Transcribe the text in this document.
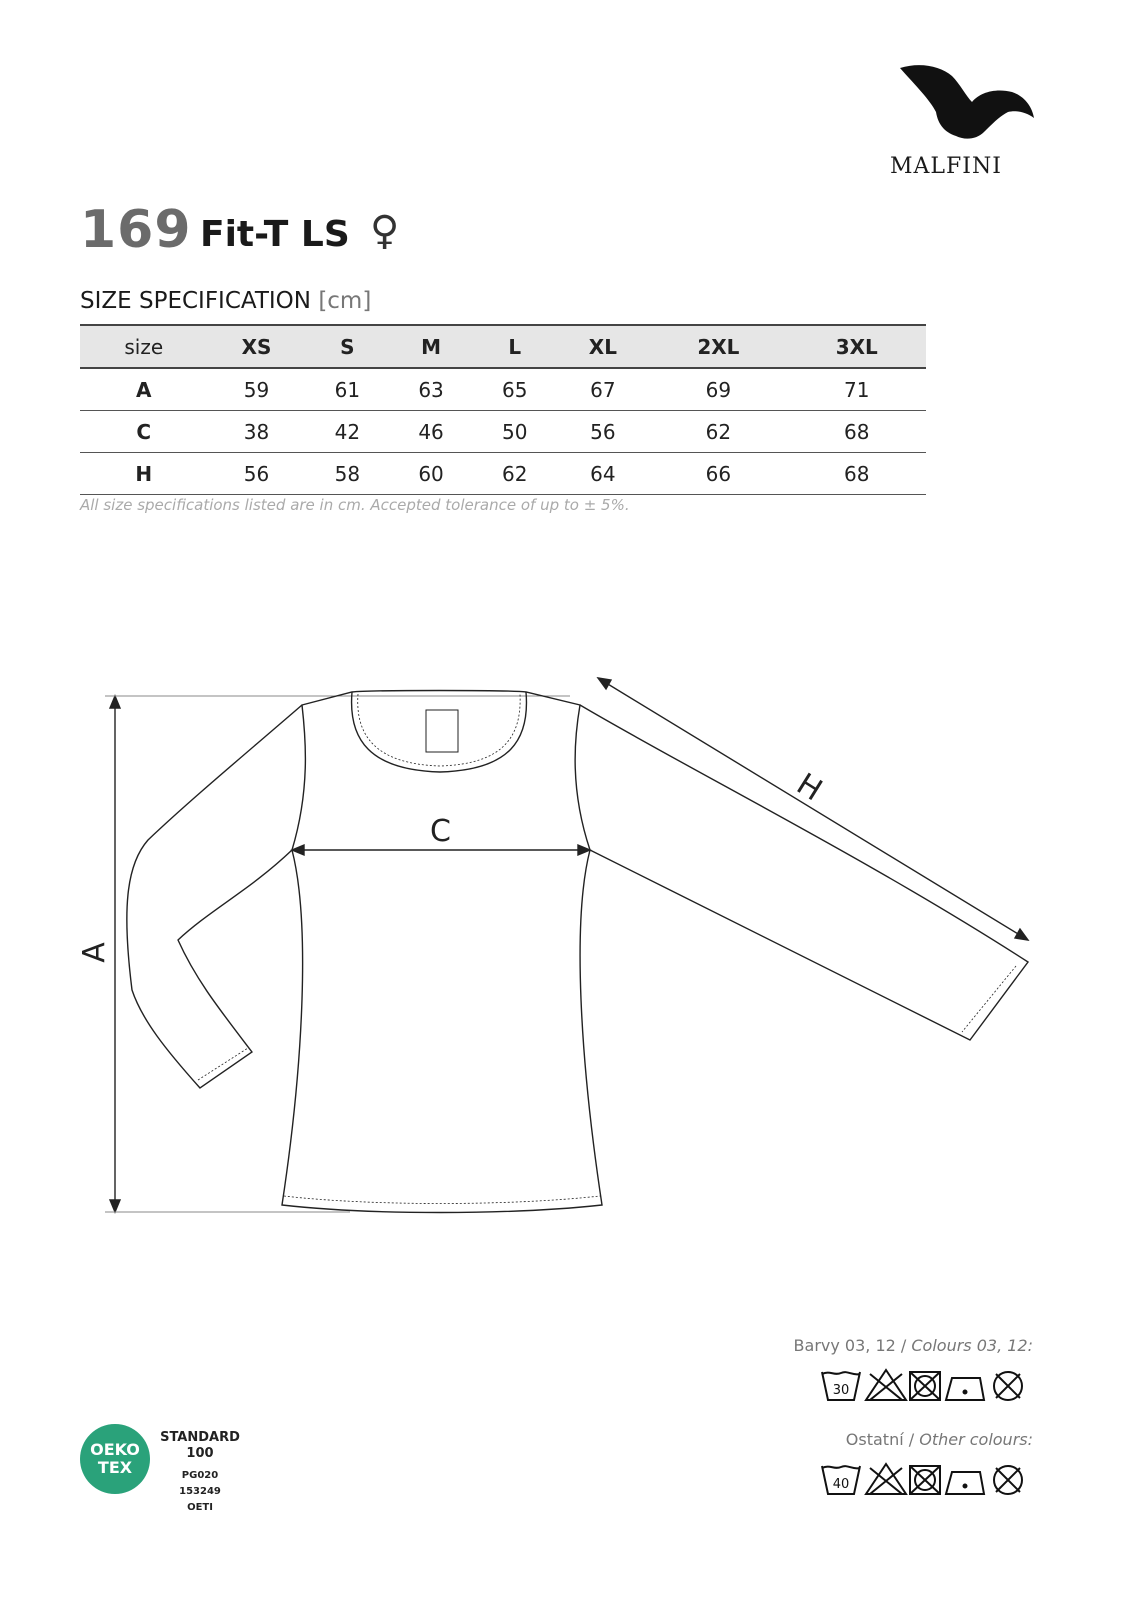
MALFINI
169 Fit-T LS ♀
SIZE SPECIFICATION [cm]
size	XS	S	M	L	XL	2XL	3XL
A	59	61	63	65	67	69	71
C	38	42	46	50	56	62	68
H	56	58	60	62	64	66	68
All size specifications listed are in cm. Accepted tolerance of up to ± 5%.
A
C
H
Barvy 03, 12 / Colours 03, 12:
30
Ostatní / Other colours:
40
OEKO
TEX
STANDARD
100
PG020 153249
OETI
